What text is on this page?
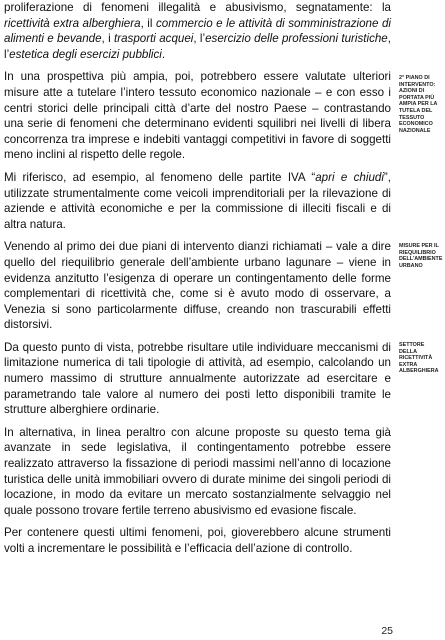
proliferazione di fenomeni illegalità e abusivismo, segnatamente: la ricettività extra alberghiera, il commercio e le attività di somministrazione di alimenti e bevande, i trasporti acquei, l’esercizio delle professioni turistiche, l’estetica degli esercizi pubblici.

In una prospettiva più ampia, poi, potrebbero essere valutate ulteriori misure atte a tutelare l’intero tessuto economico nazionale – e con esso i centri storici delle principali città d’arte del nostro Paese – contrastando una serie di fenomeni che determinano evidenti squilibri nei livelli di libera concorrenza tra imprese e indebiti vantaggi competitivi in favore di soggetti meno inclini al rispetto delle regole.

Mi riferisco, ad esempio, al fenomeno delle partite IVA “apri e chiudi”, utilizzate strumentalmente come veicoli imprenditoriali per la rilevazione di aziende e attività economiche e per la commissione di illeciti fiscali e di altra natura.

Venendo al primo dei due piani di intervento dianzi richiamati – vale a dire quello del riequilibrio generale dell’ambiente urbano lagunare – viene in evidenza anzitutto l’esigenza di operare un contingentamento delle forme complementari di ricettività che, come si è avuto modo di osservare, a Venezia si sono particolarmente diffuse, creando non trascurabili effetti distorsivi.

Da questo punto di vista, potrebbe risultare utile individuare meccanismi di limitazione numerica di tali tipologie di attività, ad esempio, calcolando un numero massimo di strutture annualmente autorizzate ad esercitare e parametrando tale valore al numero dei posti letto disponibili tramite le strutture alberghiere ordinarie.

In alternativa, in linea peraltro con alcune proposte su questo tema già avanzate in sede legislativa, il contingentamento potrebbe essere realizzato attraverso la fissazione di periodi massimi nell’anno di locazione turistica delle unità immobiliari ovvero di durate minime dei singoli periodi di locazione, in modo da evitare un mercato sostanzialmente selvaggio nel quale possono trovare fertile terreno abusivismo ed evasione fiscale.

Per contenere questi ultimi fenomeni, poi, gioverebbero alcune strumenti volti a incrementare le possibilità e l’efficacia dell’azione di controllo.

2° PIANO DI INTERVENTO: AZIONI DI PORTATA PIÙ AMPIA PER LA TUTELA DEL TESSUTO ECONOMICO NAZIONALE
MISURE PER IL RIEQUILIBRIO DELL’AMBIENTE URBANO
SETTORE DELLA RICETTIVITÀ EXTRA ALBERGHIERA
25
